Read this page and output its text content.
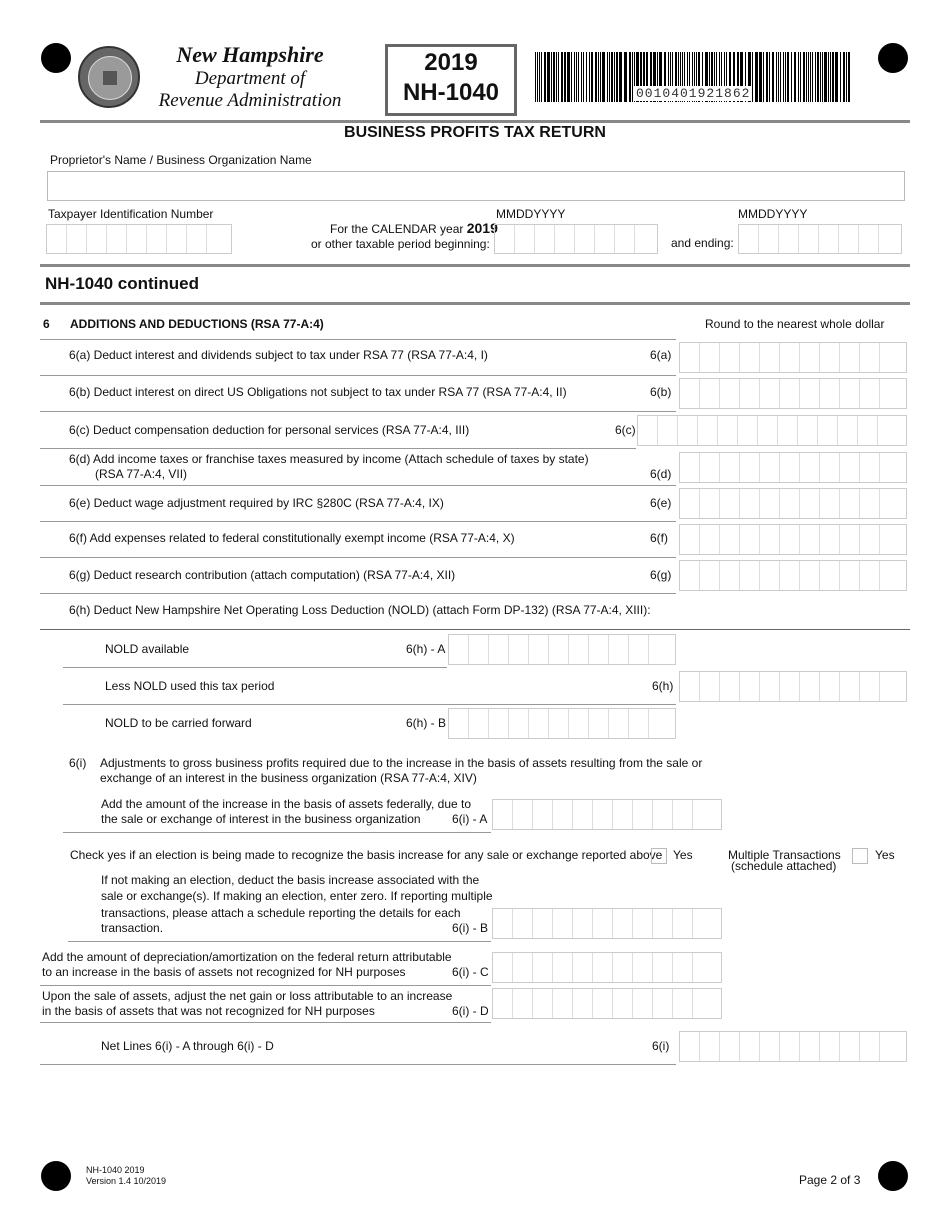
New Hampshire
Department of
Revenue Administration
2019
NH-1040	0010401921862
BUSINESS PROFITS TAX RETURN
Proprietor's Name / Business Organization Name
Taxpayer Identification Number
For the CALENDAR year 2019
or other taxable period beginning:
MMDDYYYY	MMDDYYYY
and ending:
NH-1040 continued
6 ADDITIONS AND DEDUCTIONS (RSA 77-A:4)	Round to the nearest whole dollar
6(a) Deduct interest and dividends subject to tax under RSA 77 (RSA 77-A:4, I)	6(a)
6(b) Deduct interest on direct US Obligations not subject to tax under RSA 77 (RSA 77-A:4, II)	6(b)
6(c) Deduct compensation deduction for personal services (RSA 77-A:4, III)	6(c)
6(d) Add income taxes or franchise taxes measured by income (Attach schedule of taxes by state)
(RSA 77-A:4, VII)	6(d)
6(e) Deduct wage adjustment required by IRC §280C (RSA 77-A:4, IX)	6(e)
6(f) Add expenses related to federal constitutionally exempt income (RSA 77-A:4, X)	6(f)
6(g) Deduct research contribution (attach computation) (RSA 77-A:4, XII)	6(g)
6(h) Deduct New Hampshire Net Operating Loss Deduction (NOLD) (attach Form DP-132) (RSA 77-A:4, XIII):
NOLD available	6(h) - A
Less NOLD used this tax period	6(h)
NOLD to be carried forward	6(h) - B
6(i) Adjustments to gross business profits required due to the increase in the basis of assets resulting from the sale or
exchange of an interest in the business organization (RSA 77-A:4, XIV)
Add the amount of the increase in the basis of assets federally, due to
the sale or exchange of interest in the business organization	6(i) - A
Check yes if an election is being made to recognize the basis increase for any sale or exchange reported above Yes	Multiple Transactions
(schedule attached)
Yes
If not making an election, deduct the basis increase associated with the
sale or exchange(s). If making an election, enter zero. If reporting multiple
transactions, please attach a schedule reporting the details for each
transaction.	6(i) - B
Add the amount of depreciation/amortization on the federal return attributable
to an increase in the basis of assets not recognized for NH purposes	6(i) - C
Upon the sale of assets, adjust the net gain or loss attributable to an increase
in the basis of assets that was not recognized for NH purposes	6(i) - D
Net Lines 6(i) - A through 6(i) - D	6(i)
NH-1040 2019
Version 1.4 10/2019	Page 2 of 3
